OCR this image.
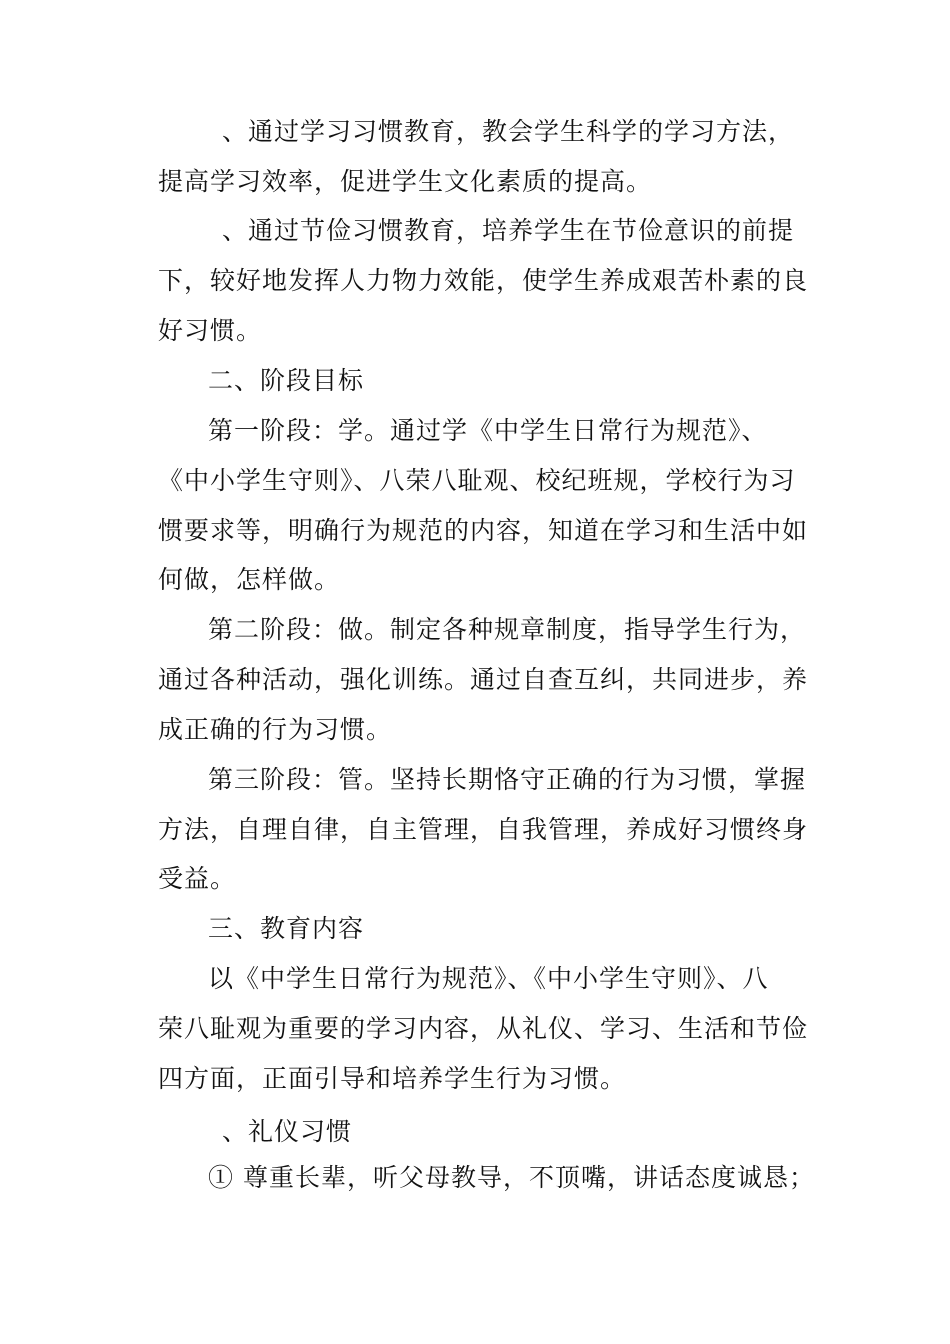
、通过学习习惯教育，教会学生科学的学习方法，
提高学习效率，促进学生文化素质的提高。
、通过节俭习惯教育，培养学生在节俭意识的前提
下，较好地发挥人力物力效能，使学生养成艰苦朴素的良
好习惯。
二、阶段目标
第一阶段：学。通过学《中学生日常行为规范》、
《中小学生守则》、八荣八耻观、校纪班规，学校行为习
惯要求等，明确行为规范的内容，知道在学习和生活中如
何做，怎样做。
第二阶段：做。制定各种规章制度，指导学生行为，
通过各种活动，强化训练。通过自查互纠，共同进步，养
成正确的行为习惯。
第三阶段：管。坚持长期恪守正确的行为习惯，掌握
方法，自理自律，自主管理，自我管理，养成好习惯终身
受益。
三、教育内容
以《中学生日常行为规范》、《中小学生守则》、八
荣八耻观为重要的学习内容，从礼仪、学习、生活和节俭
四方面，正面引导和培养学生行为习惯。
、礼仪习惯
① 尊重长辈，听父母教导，不顶嘴，讲话态度诚恳；
